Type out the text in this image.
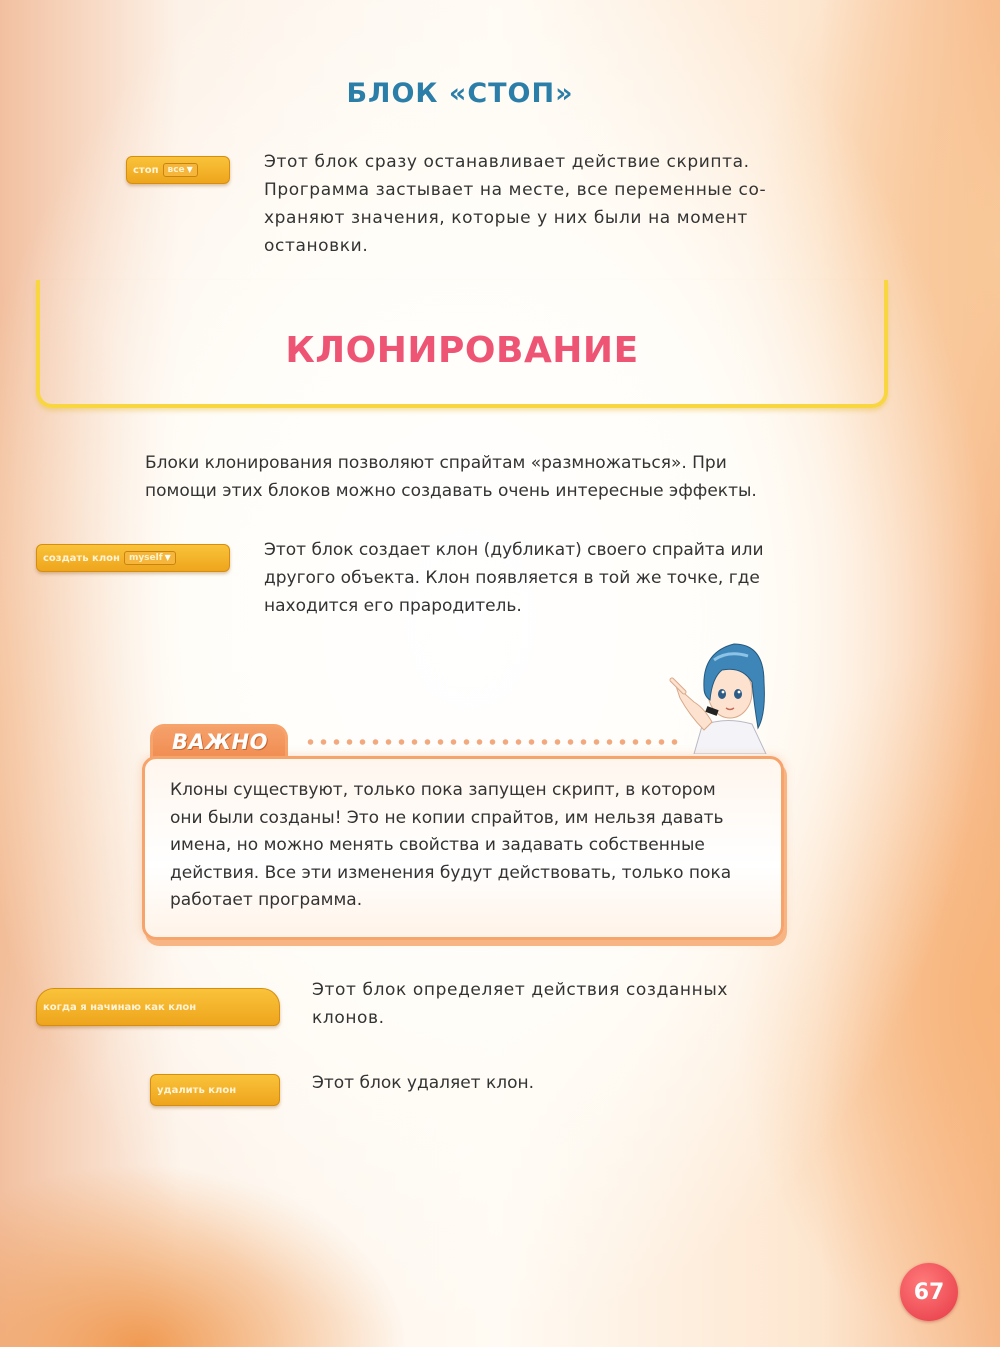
БЛОК «СТОП»
стоп	все ▼	Этот блок сразу останавливает действие скрипта.
Программа застывает на месте, все переменные со-
храняют значения, которые у них были на момент
остановки.
КЛОНИРОВАНИЕ
Блоки клонирования позволяют спрайтам «размножаться». При
помощи этих блоков можно создавать очень интересные эффекты.
создать клон	myself ▼	Этот блок создает клон (дубликат) своего спрайта или
другого объекта. Клон появляется в той же точке, где
находится его прародитель.
ВАЖНО
Клоны существуют, только пока запущен скрипт, в котором
они были созданы! Это не копии спрайтов, им нельзя давать
имена, но можно менять свойства и задавать собственные
действия. Все эти изменения будут действовать, только пока
работает программа.
когда я начинаю как клон
Этот блок определяет действия созданных
клонов.
удалить клон	Этот блок удаляет клон.
67
